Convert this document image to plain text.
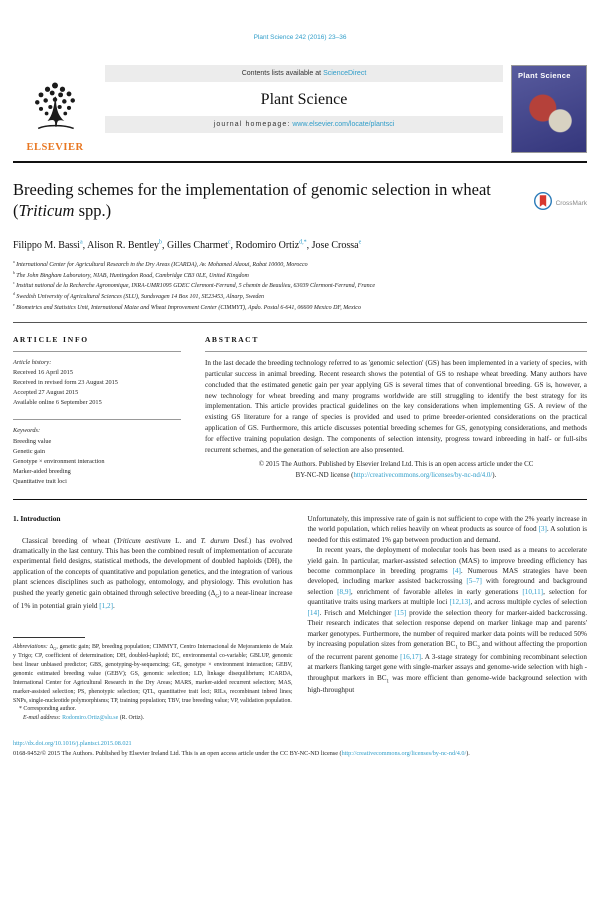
Plant Science 242 (2016) 23–36
ELSEVIER
Contents lists available at ScienceDirect
Plant Science
journal homepage: www.elsevier.com/locate/plantsci
Plant Science
Breeding schemes for the implementation of genomic selection in wheat (Triticum spp.)	CrossMark
Filippo M. Bassi$^a$ , Alison R. Bentley$^b$ , Gilles Charmet$^c$ , Rodomiro Ortiz$^{d,*}$ , Jose Crossa$^e$
$^a$ International Center for Agricultural Research in the Dry Areas (ICARDA), Av. Mohamed Alaoui, Rabat 10000, Morocco
$^b$ The John Bingham Laboratory, NIAB, Huntingdon Road, Cambridge CB3 0LE, United Kingdom
$^c$ Institut national de la Recherche Agronomique, INRA-UMR1095 GDEC Clermont-Ferrand, 5 chemin de Beaulieu, 63039 Clermont-Ferrand, France
$^d$ Swedish University of Agricultural Sciences (SLU), Sundsvagen 14 Box 101, SE23453, Alnarp, Sweden
$^e$ Biometrics and Statistics Unit, International Maize and Wheat Improvement Center (CIMMYT), Apdo. Postal 6-641, 06600 Mexico DF, Mexico
A R T I C L E   I N F O
Article history:
Received 16 April 2015
Received in revised form 23 August 2015
Accepted 27 August 2015
Available online 6 September 2015
Keywords:
Breeding value
Genetic gain
Genotype × environment interaction
Marker-aided breeding
Quantitative trait loci
A B S T R A C T

In the last decade the breeding technology referred to as 'genomic selection' (GS) has been implemented in a variety of species, with particular success in animal breeding. Recent research shows the potential of GS to reshape wheat breeding. Many authors have concluded that the estimated genetic gain per year applying GS is several times that of conventional breeding. GS is, however, a new technology for wheat breeding and many programs worldwide are still struggling to identify the best strategy for its implementation. This article provides practical guidelines on the key considerations when implementing GS. A review of the existing GS literature for a range of species is provided and used to prime breeder-oriented considerations on the practical application of GS. Furthermore, this article discusses potential breeding schemes for GS, genotyping considerations, and methods for effective training population design. The components of selection intensity, progress toward inbreeding in half- or full-sibs recurrent schemes, and the generation of selection are also presented.

© 2015 The Authors. Published by Elsevier Ireland Ltd. This is an open access article under the CC
BY-NC-ND license (http://creativecommons.org/licenses/by-nc-nd/4.0/).
1. Introduction

Classical breeding of wheat (Triticum aestivum L. and T. durum Desf.) has evolved dramatically in the last century. This has been the combined result of implementation of accurate experimental field designs, statistical methods, the development of doubled haploids (DH), the application of the concepts of quantitative and population genetics, and the integration of various plant sciences disciplines such as pathology, entomology, and physiology. This evolution has pushed the yearly genetic gain obtained through selective breeding $(\Delta_G)$ to a near-linear increase of 1% in potential grain yield [1,2].

Abbreviations: $\Delta_G$, genetic gain; BP, breeding population; CIMMYT, Centro Internacional de Mejoramiento de Maíz y Trigo; CP, coefficient of determination; DH, doubled-haploid; EC, environmental co-variable; GBLUP, genomic best linear unbiased predictor; GBS, genotyping-by-sequencing; GE, genotype × environment interaction; GEBV, genomic estimated breeding value (GEBV); GS, genomic selection; LD, linkage disequilibrium; ICARDA, International Center for Agricultural Research in the Dry Areas; MARS, marker-aided recurrent selection; MAS, marker-assisted selection; PS, phenotypic selection; QTL, quantitative trait loci; RILs, recombinant inbred lines; SNPs, single-nucleotide polymorphisms; TP, training population; TBV, true breeding value; VP, validation population.

* Corresponding author.

E-mail address: Rodomiro.Ortiz@slu.se (R. Ortiz).

Unfortunately, this impressive rate of gain is not sufficient to cope with the 2% yearly increase in the world population, which relies heavily on wheat products as source of food [3]. A solution is needed for this estimated 1% gap between production and demand.

In recent years, the deployment of molecular tools has been used as a means to accelerate yield gain. In particular, marker-assisted selection (MAS) to improve breeding efficiency has become commonplace in breeding programs [4]. Numerous MAS strategies have been developed, including marker assisted backcrossing [5–7] with foreground and background selection [8,9], enrichment of favorable alleles in early generations [10,11], selection for quantitative traits using markers at multiple loci [12,13], and across multiple cycles of selection [14]. Frisch and Melchinger [15] provide the selection theory for marker-aided backcrossing. Their research indicates that selection response depend on marker linkage map and parents' marker genotypes. Furthermore, the number of required marker data points will be reduced 50% by increasing population sizes from generation $BC_1$ to $BC_3$ and without affecting the proportion of the recurrent parent genome [16,17]. A 3-stage strategy for combining recombinant selection at markers flanking target gene with single-marker assays and genome-wide selection with high -throughput markers in $BC_1$ was more efficient than genome-wide background selection with high-throughput

http://dx.doi.org/10.1016/j.plantsci.2015.08.021
0168-9452/© 2015 The Authors. Published by Elsevier Ireland Ltd. This is an open access article under the CC BY-NC-ND license (http://creativecommons.org/licenses/by-nc-nd/4.0/).
